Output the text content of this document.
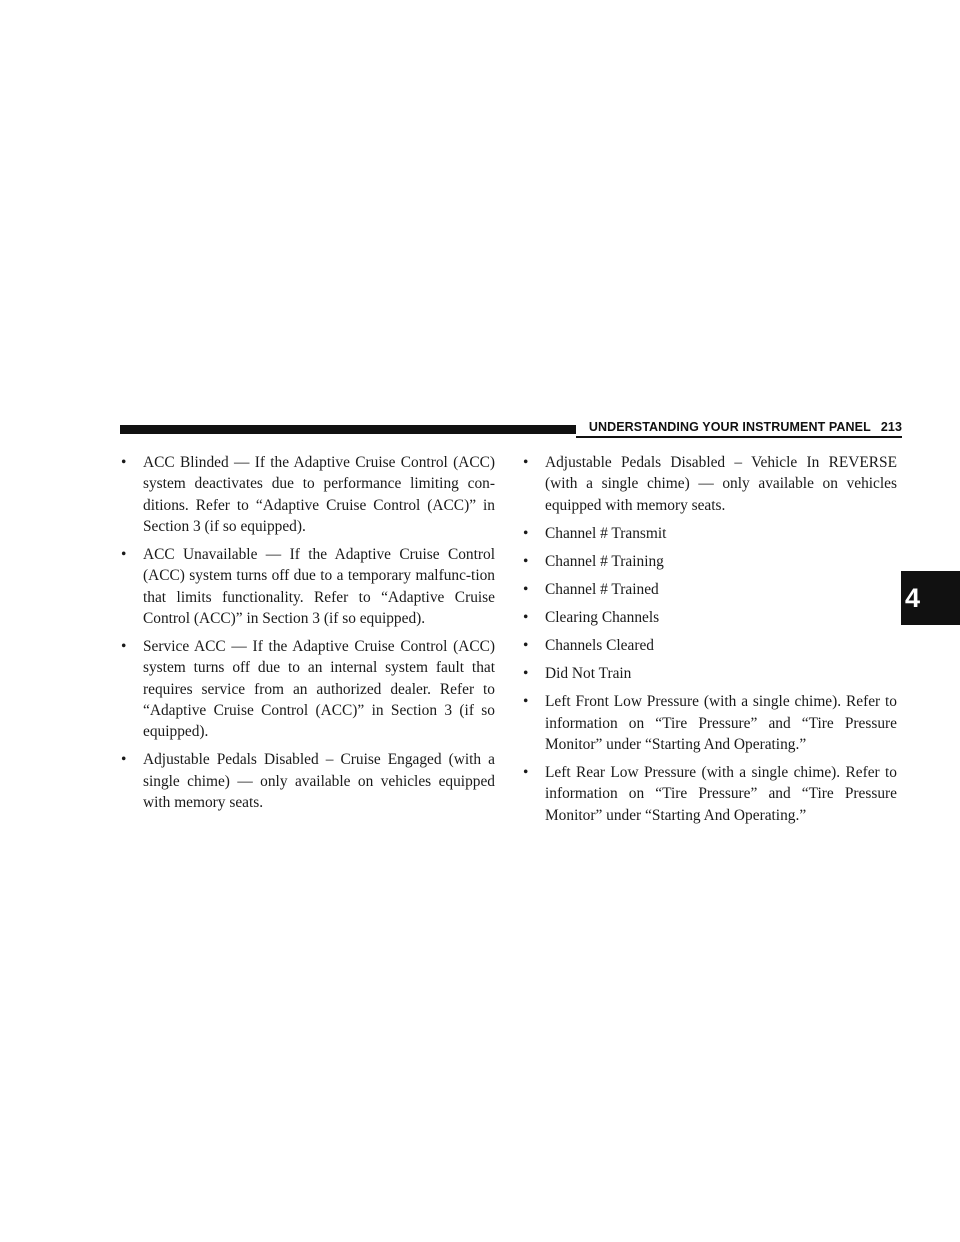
UNDERSTANDING YOUR INSTRUMENT PANEL 213
4
•	ACC Blinded — If the Adaptive Cruise Control (ACC) system deactivates due to performance limiting con-ditions. Refer to “Adaptive Cruise Control (ACC)” in Section 3 (if so equipped).
•	ACC Unavailable — If the Adaptive Cruise Control (ACC) system turns off due to a temporary malfunc-tion that limits functionality. Refer to “Adaptive Cruise Control (ACC)” in Section 3 (if so equipped).
•	Service ACC — If the Adaptive Cruise Control (ACC) system turns off due to an internal system fault that requires service from an authorized dealer. Refer to “Adaptive Cruise Control (ACC)” in Section 3 (if so equipped).
•	Adjustable Pedals Disabled – Cruise Engaged (with a single chime) — only available on vehicles equipped with memory seats.
•	Adjustable Pedals Disabled – Vehicle In REVERSE (with a single chime) — only available on vehicles equipped with memory seats.
•	Channel # Transmit
•	Channel # Training
•	Channel # Trained
•	Clearing Channels
•	Channels Cleared
•	Did Not Train
•	Left Front Low Pressure (with a single chime). Refer to information on “Tire Pressure” and “Tire Pressure Monitor” under “Starting And Operating.”
•	Left Rear Low Pressure (with a single chime). Refer to information on “Tire Pressure” and “Tire Pressure Monitor” under “Starting And Operating.”
